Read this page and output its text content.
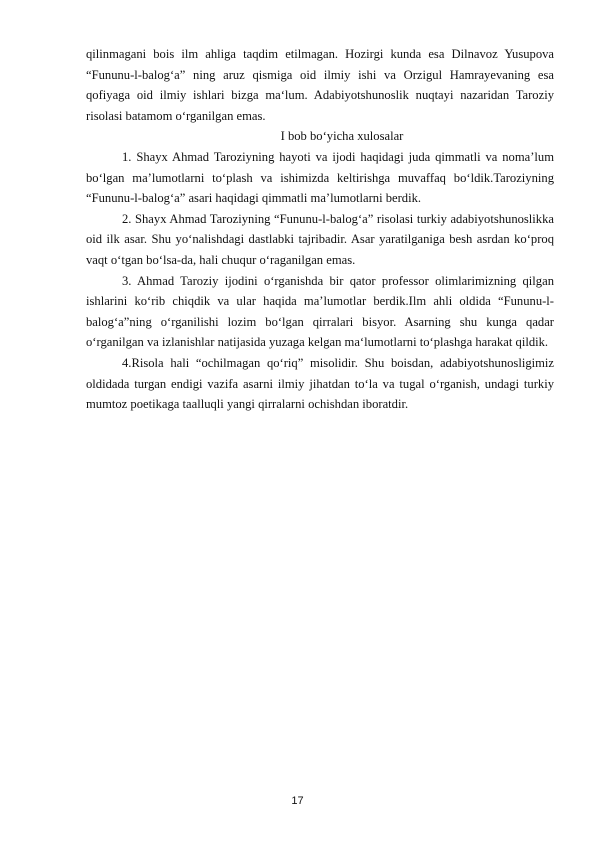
qilinmagani bois ilm ahliga taqdim etilmagan. Hozirgi kunda esa Dilnavoz Yusupova “Fununu-l-balogʻa” ning aruz qismiga oid ilmiy ishi va Orzigul Hamrayevaning esa qofiyaga oid ilmiy ishlari bizga maʻlum. Adabiyotshunoslik nuqtayi nazaridan Taroziy risolasi batamom oʻrganilgan emas.

I bob bo‘yicha xulosalar

1. Shayx Ahmad Taroziyning hayoti va ijodi haqidagi juda qimmatli va noma’lum bo‘lgan ma’lumotlarni to‘plash va ishimizda keltirishga muvaffaq bo‘ldik.Taroziyning “Fununu-l-balog‘a” asari haqidagi qimmatli ma’lumotlarni berdik.

2. Shayx Ahmad Taroziyning “Fununu-l-balogʻa” risolasi turkiy adabiyotshunoslikka oid ilk asar. Shu yoʻnalishdagi dastlabki tajribadir. Asar yaratilganiga besh asrdan koʻproq vaqt oʻtgan boʻlsa-da, hali chuqur oʻraganilgan emas.

3. Ahmad Taroziy ijodini oʻrganishda bir qator professor olimlarimizning qilgan ishlarini koʻrib chiqdik va ular haqida ma’lumotlar berdik.Ilm ahli oldida “Fununu-l-balogʻa”ning oʻrganilishi lozim boʻlgan qirralari bisyor. Asarning shu kunga qadar oʻrganilgan va izlanishlar natijasida yuzaga kelgan maʻlumotlarni toʻplashga harakat qildik.

4.Risola hali “ochilmagan qoʻriq” misolidir. Shu boisdan, adabiyotshunosligimiz oldidada turgan endigi vazifa asarni ilmiy jihatdan toʻla va tugal oʻrganish, undagi turkiy mumtoz poetikaga taalluqli yangi qirralarni ochishdan iboratdir.

17
